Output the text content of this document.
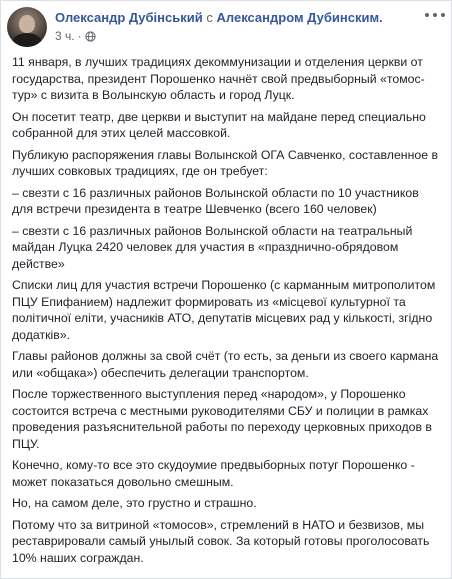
Олександр Дубінський с Александром Дубинским.
3 ч. ·

11 января, в лучших традициях декоммунизации и отделения церкви от государства, президент Порошенко начнёт свой предвыборный «томос-тур» с визита в Волынскую область и город Луцк.

Он посетит театр, две церкви и выступит на майдане перед специально собранной для этих целей массовкой.

Публикую распоряжения главы Волынской ОГА Савченко, составленное в лучших совковых традициях, где он требует:

– свезти с 16 различных районов Волынской области по 10 участников для встречи президента в театре Шевченко (всего 160 человек)

– свезти с 16 различных районов Волынской области на театральный майдан Луцка 2420 человек для участия в «празднично-обрядовом действе»

Списки лиц для участия встречи Порошенко (с карманным митрополитом ПЦУ Епифанием) надлежит формировать из «місцевої культурної та політичної еліти, учасників АТО, депутатів місцевих рад у кількості, згідно додатків».

Главы районов должны за свой счёт (то есть, за деньги из своего кармана или «общака») обеспечить делегации транспортом.

После торжественного выступления перед «народом», у Порошенко состоится встреча с местными руководителями СБУ и полиции в рамках проведения разъяснительной работы по переходу церковных приходов в ПЦУ.

Конечно, кому-то все это скудоумие предвыборных потуг Порошенко - может показаться довольно смешным.

Но, на самом деле, это грустно и страшно.

Потому что за витриной «томосов», стремлений в НАТО и безвизов, мы реставрировали самый унылый совок. За который готовы проголосовать 10% наших сограждан.
